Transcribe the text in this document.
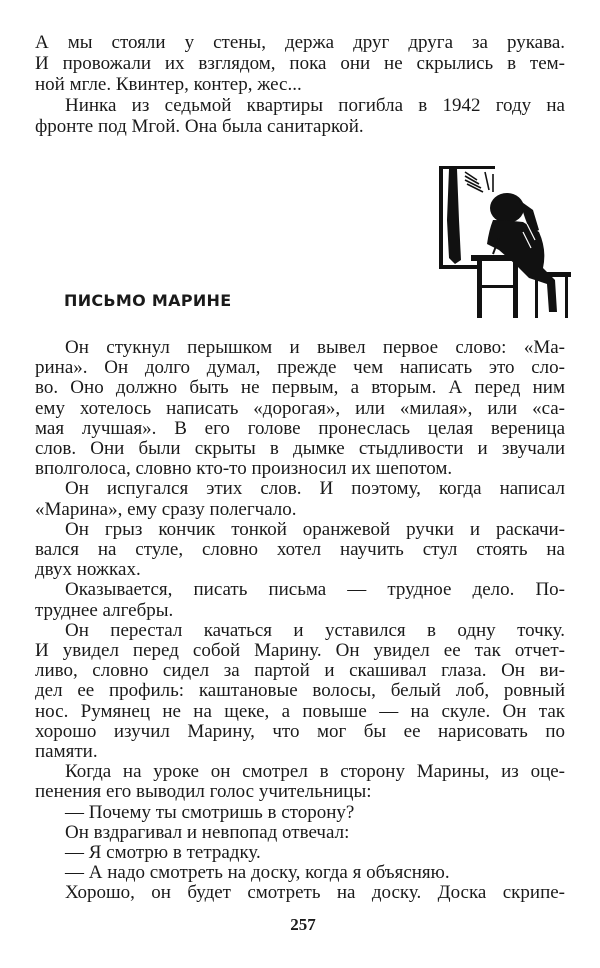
А мы стояли у стены, держа друг друга за рукава.
И провожали их взглядом, пока они не скрылись в тем-
ной мгле. Квинтер, контер, жес...
Нинка из седьмой квартиры погибла в 1942 году на
фронте под Мгой. Она была санитаркой.
ПИСЬМО МАРИНЕ
Он стукнул перышком и вывел первое слово: «Ма-
рина». Он долго думал, прежде чем написать это сло-
во. Оно должно быть не первым, а вторым. А перед ним
ему хотелось написать «дорогая», или «милая», или «са-
мая лучшая». В его голове пронеслась целая вереница
слов. Они были скрыты в дымке стыдливости и звучали
вполголоса, словно кто-то произносил их шепотом.
Он испугался этих слов. И поэтому, когда написал
«Марина», ему сразу полегчало.
Он грыз кончик тонкой оранжевой ручки и раскачи-
вался на стуле, словно хотел научить стул стоять на
двух ножках.
Оказывается, писать письма — трудное дело. По-
труднее алгебры.
Он перестал качаться и уставился в одну точку.
И увидел перед собой Марину. Он увидел ее так отчет-
ливо, словно сидел за партой и скашивал глаза. Он ви-
дел ее профиль: каштановые волосы, белый лоб, ровный
нос. Румянец не на щеке, а повыше — на скуле. Он так
хорошо изучил Марину, что мог бы ее нарисовать по
памяти.
Когда на уроке он смотрел в сторону Марины, из оце-
пенения его выводил голос учительницы:
— Почему ты смотришь в сторону?
Он вздрагивал и невпопад отвечал:
— Я смотрю в тетрадку.
— А надо смотреть на доску, когда я объясняю.
Хорошо, он будет смотреть на доску. Доска скрипе-
257
